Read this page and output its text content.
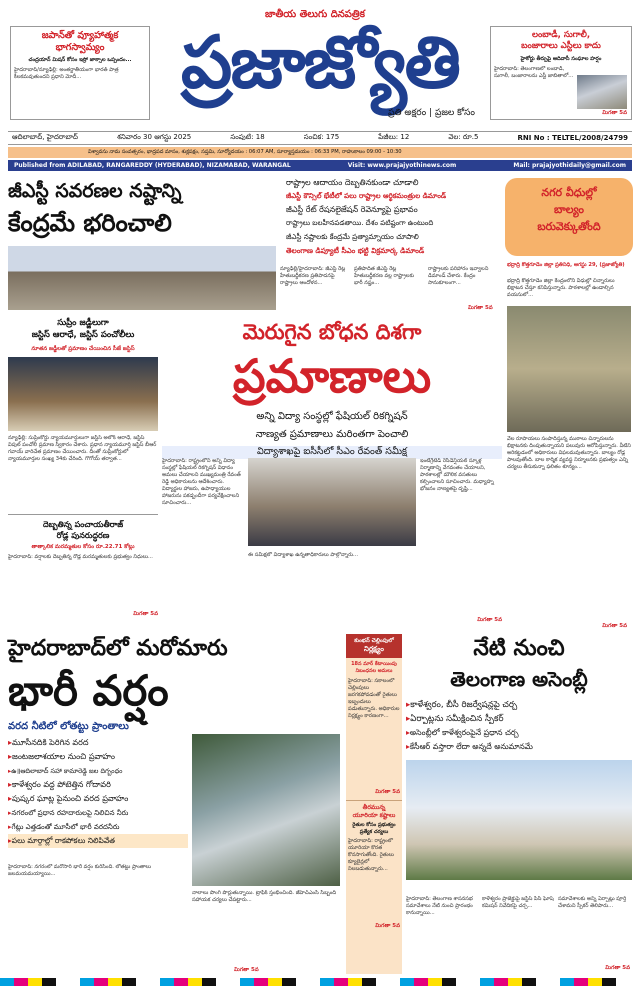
జపాన్‌తో వ్యూహాత్మక
భాగస్వామ్యం
చంద్రయాన్ మిషన్ కోసం ఇస్రో జాక్సాల ఒప్పందం...
హైదరాబాద్/న్యూఢిల్లీ: అంతర్జాతీయంగా భారత్ పాత్ర కీలకమవుతుందని ప్రధాని మోదీ...
జాతీయ తెలుగు దినపత్రిక
ప్రజాజ్యోతి
ప్రతి అక్షరం | ప్రజల కోసం
లంబాడీ, సుగాలీ,
బంజారాలు ఎస్టీలు కాదు
హైకోర్టు తీర్పుపై ఆదివాసీ సంఘాల హర్షం
హైదరాబాద్: తెలంగాణలో లంబాడీ, సుగాలీ, బంజారాలను ఎస్టీ జాబితాలో...
మిగతా 5వ
ఆదిలాబాద్, హైదరాబాద్	శనివారం 30 ఆగస్టు 2025	సంపుటి: 18	సంచిక: 175	పేజీలు: 12	వెల: రూ.5	RNI No : TELTEL/2008/24799
విశ్వావసు నామ సంవత్సరం, భాద్రపద మాసం, శుక్లపక్షం, సప్తమి, సూర్యోదయం : 06:07 AM, సూర్యాస్తమయం : 06:33 PM, రాహుకాలం 09:00 - 10:30
Published from ADILABAD, RANGAREDDY (HYDERABAD), NIZAMABAD, WARANGAL	Visit: www.prajajyothinews.com	Mail: prajajyothidaily@gmail.com
జీఎస్టీ సవరణల నష్టాన్ని
కేంద్రమే భరించాలి
రాష్ట్రాల ఆదాయం దెబ్బతినకుండా చూడాలి
జీఎస్టీ కౌన్సిల్ భేటీలో పలు రాష్ట్రాల ఆర్థికమంత్రుల డిమాండ్
జీఎస్టీ రేట్ రేషనలైజేషన్ రెవెన్యూపై ప్రభావం
రాష్ట్రాలు బలహీనపడతాయి. దేశం పటిష్టంగా ఉంటుంది
జీఎస్టీ నష్టాలకు కేంద్రమే ప్రత్యామ్నాయం చూపాలి
తెలంగాణ డిప్యూటీ సీఎం భట్టి విక్రమార్క డిమాండ్
న్యూఢిల్లీ/హైదరాబాద్: జీఎస్టీ రేట్ల హేతుబద్ధీకరణ ప్రతిపాదనపై రాష్ట్రాలు ఆందోళన...
ప్రతిపాదిత జీఎస్టీ రేట్ల హేతుబద్ధీకరణ వల్ల రాష్ట్రాలకు భారీ నష్టం...
రాష్ట్రాలకు పరిహారం ఇవ్వాలని డిమాండ్ చేశారు. కేంద్రం సానుకూలంగా...
మిగతా 5వ
నగర వీధుల్లో
బాల్యం
బరువెక్కుతోంది
భద్రాద్రి కొత్తగూడెం జిల్లా ప్రతినిధి, ఆగస్టు 29, (ప్రజాజ్యోతి)
భద్రాద్రి కొత్తగూడెం జిల్లా కేంద్రంలోని వీధుల్లో చిన్నారులు భిక్షాటన చేస్తూ కనిపిస్తున్నారు. పాఠశాలల్లో ఉండాల్సిన వయసులో...
వేల రూపాయలు సంపాదిస్తున్న ముఠాలు చిన్నారులను భిక్షాటనకు దింపుతున్నాయని పలువురు ఆరోపిస్తున్నారు. వీటిని అరికట్టడంలో అధికారులు విఫలమవుతున్నారు. బాల్యం రోడ్ల పాలవుతోంది. బాల కార్మిక వ్యవస్థ నిర్మూలనకు ప్రభుత్వం ఎన్ని చర్యలు తీసుకున్నా ఫలితం శూన్యం...
మిగతా 5వ
సుప్రీం జడ్జీలుగా
జస్టిస్ ఆరాధే, జస్టిస్ పంచోలీలు
నూతన జడ్జీలతో ప్రమాణం చేయించిన సీజే జస్టిస్
న్యూఢిల్లీ: సుప్రీంకోర్టు న్యాయమూర్తులుగా జస్టిస్ అలోక్ ఆరాధే, జస్టిస్ విపుల్ పంచోలీ ప్రమాణ స్వీకారం చేశారు. ప్రధాన న్యాయమూర్తి జస్టిస్ బీఆర్ గవాయ్ వారిచేత ప్రమాణం చేయించారు. దీంతో సుప్రీంకోర్టులో న్యాయమూర్తుల సంఖ్య 34కు చేరింది. గొగోయ్ తర్వాత...
దెబ్బతిన్న పంచాయతీరాజ్
రోడ్ల పునరుద్ధరణ
తాత్కాలిక మరమ్మతుల కోసం రూ.22.71 కోట్లు
హైదరాబాద్: వర్షాలకు దెబ్బతిన్న రోడ్ల మరమ్మతులకు ప్రభుత్వం నిధులు...
మిగతా 5వ
మెరుగైన బోధన దిశగా
ప్రమాణాలు
అన్ని విద్యా సంస్థల్లో ఫేషియల్ రికగ్నిషన్
నాణ్యత ప్రమాణాలు మరింతగా పెంచాలి
విద్యాశాఖపై ఐసీసీలో సీఎం రేవంత్ సమీక్ష
హైదరాబాద్: రాష్ట్రంలోని అన్ని విద్యా సంస్థల్లో ఫేషియల్ రికగ్నిషన్ విధానం అమలు చేయాలని ముఖ్యమంత్రి రేవంత్ రెడ్డి అధికారులను ఆదేశించారు. విద్యార్థుల హాజరు, ఉపాధ్యాయుల హాజరును పకడ్బందీగా పర్యవేక్షించాలని సూచించారు...
ఇంటిగ్రేటెడ్ రెసిడెన్షియల్ స్కూళ్ల నిర్మాణాన్ని వేగవంతం చేయాలని, పాఠశాలల్లో మౌలిక వసతులు కల్పించాలని సూచించారు. మధ్యాహ్న భోజనం నాణ్యతపై దృష్టి...
ఈ సమీక్షలో విద్యాశాఖ ఉన్నతాధికారులు పాల్గొన్నారు...
మిగతా 5వ
హైదరాబాద్‌లో మరోమారు
భారీ వర్షం
వరద నీటిలో లోతట్టు ప్రాంతాలు
▸ మూసీనదికి పెరిగిన వరద
▸ జంటజలాశయాల నుంచి ప్రవాహం
▸ ఉ॥ఆదిలాబాద్ సహా కామారెడ్డి జల దిగ్బంధం
▸ కాళేశ్వరం వద్ద పోటెత్తిన గోదావరి
▸ పుష్కర ఘాట్ల పైనుంచి వరద ప్రవాహం
▸ నగరంలో ప్రధాన రహదారులపై నిలిచిన నీరు
▸ గేట్లు ఎత్తడంతో మూసీలో భారీ వరదనీరు
▸ పలు మార్గాల్లో రాకపోకలు నిలిపివేత
హైదరాబాద్: నగరంలో మరోసారి భారీ వర్షం కురిసింది. లోతట్టు ప్రాంతాలు జలమయమయ్యాయి...
నాలాలు పొంగి పొర్లుతున్నాయి. ట్రాఫిక్ స్తంభించింది. జీహెచ్ఎంసీ సిబ్బంది సహాయక చర్యలు చేపట్టారు...
మిగతా 5వ
కుంభన్ చెల్లింపులో
నిర్లక్ష్యం
18న మార్ కేటాయింపు నిబంధనల అమలు
హైదరాబాద్: సకాలంలో చెల్లింపులు జరగకపోవడంతో రైతులు ఇబ్బందులు పడుతున్నారు. అధికారుల నిర్లక్ష్యం కారణంగా...
మిగతా 5వ
తీరమున్న
యూరియా కష్టాలు
రైతుల కోసం ప్రభుత్వం ప్రత్యేక చర్యలు
హైదరాబాద్: రాష్ట్రంలో యూరియా కొరత కొనసాగుతోంది. రైతులు క్యూలైన్లలో నిలబడుతున్నారు...
మిగతా 5వ
నేటి నుంచి
తెలంగాణ అసెంబ్లీ
▸ కాళేశ్వరం, బీసీ రిజర్వేషన్లపై చర్చ
▸ ఏర్పాట్లను సమీక్షించిన స్పీకర్
▸ అసెంబ్లీలో కాళేశ్వరంపైనే ప్రధాన చర్చ
▸ కేసీఆర్ వస్తారా లేదా అన్నదే అనుమానమే
హైదరాబాద్: తెలంగాణ శాసనసభ సమావేశాలు నేటి నుంచి ప్రారంభం కానున్నాయి...
కాళేశ్వరం ప్రాజెక్టుపై జస్టిస్ పీసీ ఘోష్ కమిషన్ నివేదికపై చర్చ...
సమావేశాలకు అన్ని ఏర్పాట్లు పూర్తి చేశామని స్పీకర్ తెలిపారు...
మిగతా 5వ
